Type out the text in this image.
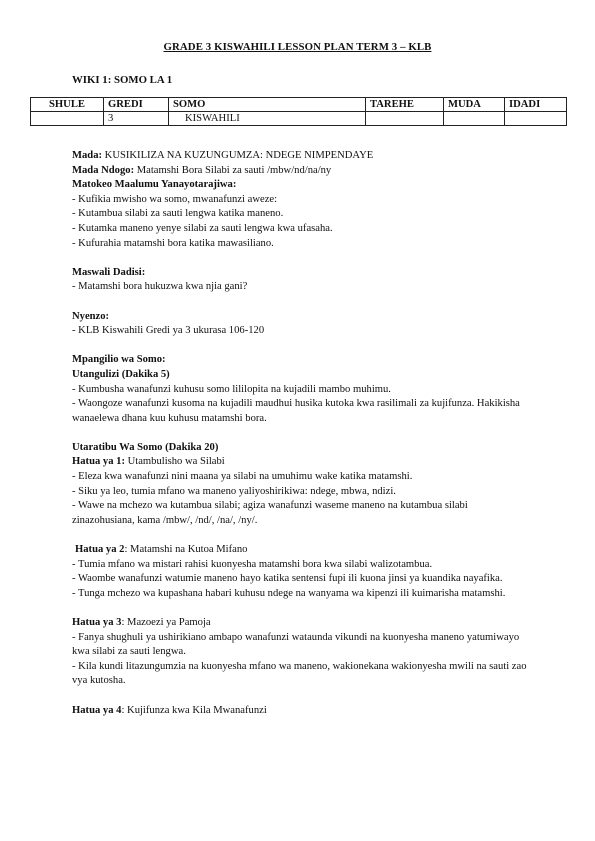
GRADE 3 KISWAHILI LESSON PLAN TERM 3 – KLB
WIKI 1: SOMO LA 1
SHULE	GREDI	SOMO	TAREHE	MUDA	IDADI
	3	KISWAHILI			

Mada: KUSIKILIZA NA KUZUNGUMZA: NDEGE NIMPENDAYE

Mada Ndogo: Matamshi Bora Silabi za sauti /mbw/nd/na/ny

Matokeo Maalumu Yanayotarajiwa:

- Kufikia mwisho wa somo, mwanafunzi aweze:

- Kutambua silabi za sauti lengwa katika maneno.

- Kutamka maneno yenye silabi za sauti lengwa kwa ufasaha.

- Kufurahia matamshi bora katika mawasiliano.

Maswali Dadisi:

- Matamshi bora hukuzwa kwa njia gani?

Nyenzo:

- KLB Kiswahili Gredi ya 3 ukurasa 106-120

Mpangilio wa Somo:

Utangulizi (Dakika 5)

- Kumbusha wanafunzi kuhusu somo lililopita na kujadili mambo muhimu.

- Waongoze wanafunzi kusoma na kujadili maudhui husika kutoka kwa rasilimali za kujifunza. Hakikisha wanaelewa dhana kuu kuhusu matamshi bora.

Utaratibu Wa Somo (Dakika 20)

Hatua ya 1: Utambulisho wa Silabi

- Eleza kwa wanafunzi nini maana ya silabi na umuhimu wake katika matamshi.

- Siku ya leo, tumia mfano wa maneno yaliyoshirikiwa: ndege, mbwa, ndizi.

- Wawe na mchezo wa kutambua silabi; agiza wanafunzi waseme maneno na kutambua silabi zinazohusiana, kama /mbw/, /nd/, /na/, /ny/.

Hatua ya 2: Matamshi na Kutoa Mifano

- Tumia mfano wa mistari rahisi kuonyesha matamshi bora kwa silabi walizotambua.

- Waombe wanafunzi watumie maneno hayo katika sentensi fupi ili kuona jinsi ya kuandika nayafika.

- Tunga mchezo wa kupashana habari kuhusu ndege na wanyama wa kipenzi ili kuimarisha matamshi.

Hatua ya 3: Mazoezi ya Pamoja

- Fanya shughuli ya ushirikiano ambapo wanafunzi wataunda vikundi na kuonyesha maneno yatumiwayo kwa silabi za sauti lengwa.

- Kila kundi litazungumzia na kuonyesha mfano wa maneno, wakionekana wakionyesha mwili na sauti zao vya kutosha.

Hatua ya 4: Kujifunza kwa Kila Mwanafunzi
